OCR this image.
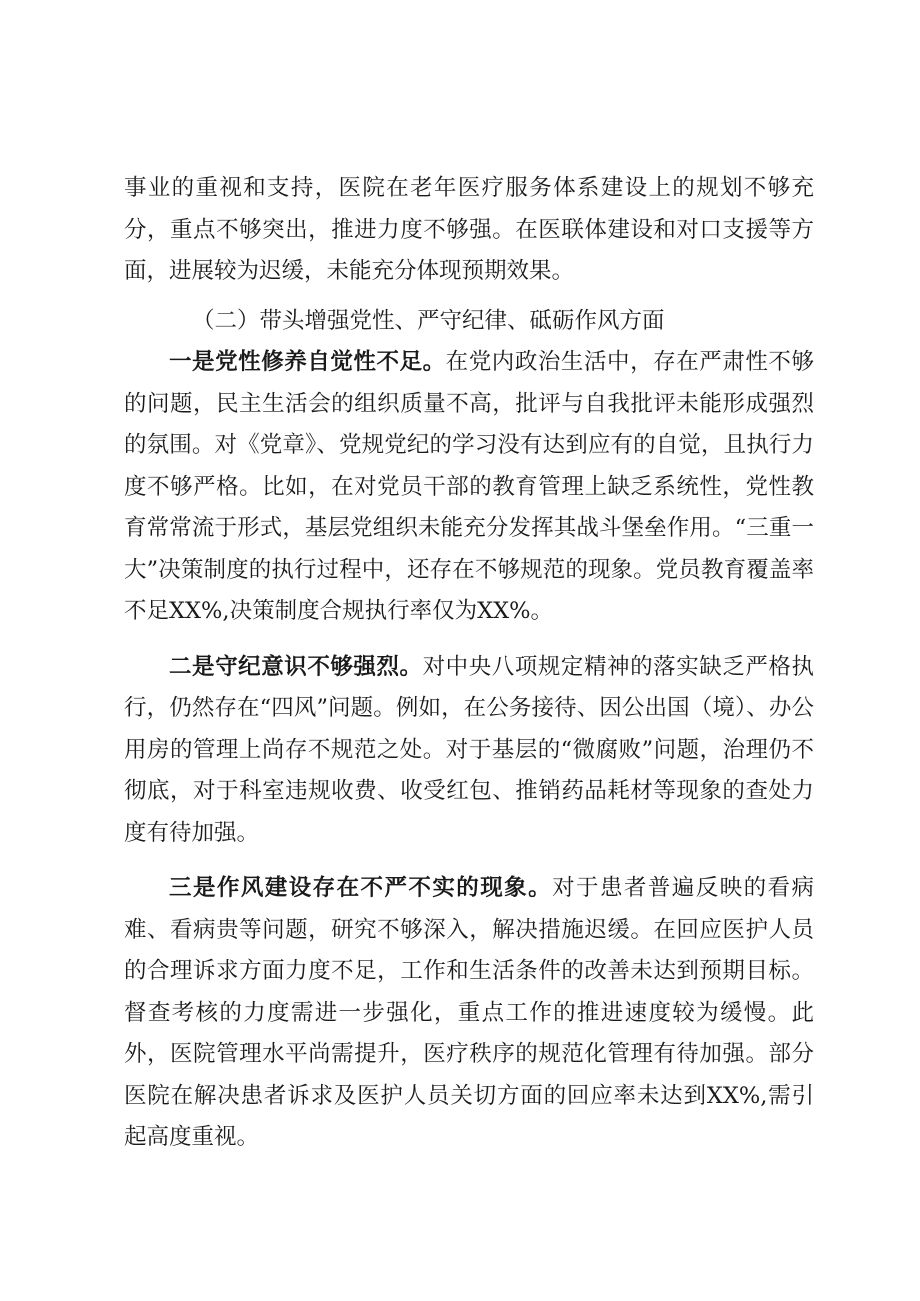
事业的重视和支持，医院在老年医疗服务体系建设上的规划不够充分，重点不够突出，推进力度不够强。在医联体建设和对口支援等方面，进展较为迟缓，未能充分体现预期效果。

（二）带头增强党性、严守纪律、砥砺作风方面

一是党性修养自觉性不足。在党内政治生活中，存在严肃性不够的问题，民主生活会的组织质量不高，批评与自我批评未能形成强烈的氛围。对《党章》、党规党纪的学习没有达到应有的自觉，且执行力度不够严格。比如，在对党员干部的教育管理上缺乏系统性，党性教育常常流于形式，基层党组织未能充分发挥其战斗堡垒作用。“三重一大”决策制度的执行过程中，还存在不够规范的现象。党员教育覆盖率不足XX%,决策制度合规执行率仅为XX%。

二是守纪意识不够强烈。对中央八项规定精神的落实缺乏严格执行，仍然存在“四风”问题。例如，在公务接待、因公出国（境）、办公用房的管理上尚存不规范之处。对于基层的“微腐败”问题，治理仍不彻底，对于科室违规收费、收受红包、推销药品耗材等现象的查处力度有待加强。

三是作风建设存在不严不实的现象。对于患者普遍反映的看病难、看病贵等问题，研究不够深入，解决措施迟缓。在回应医护人员的合理诉求方面力度不足，工作和生活条件的改善未达到预期目标。督查考核的力度需进一步强化，重点工作的推进速度较为缓慢。此外，医院管理水平尚需提升，医疗秩序的规范化管理有待加强。部分医院在解决患者诉求及医护人员关切方面的回应率未达到XX%,需引起高度重视。
